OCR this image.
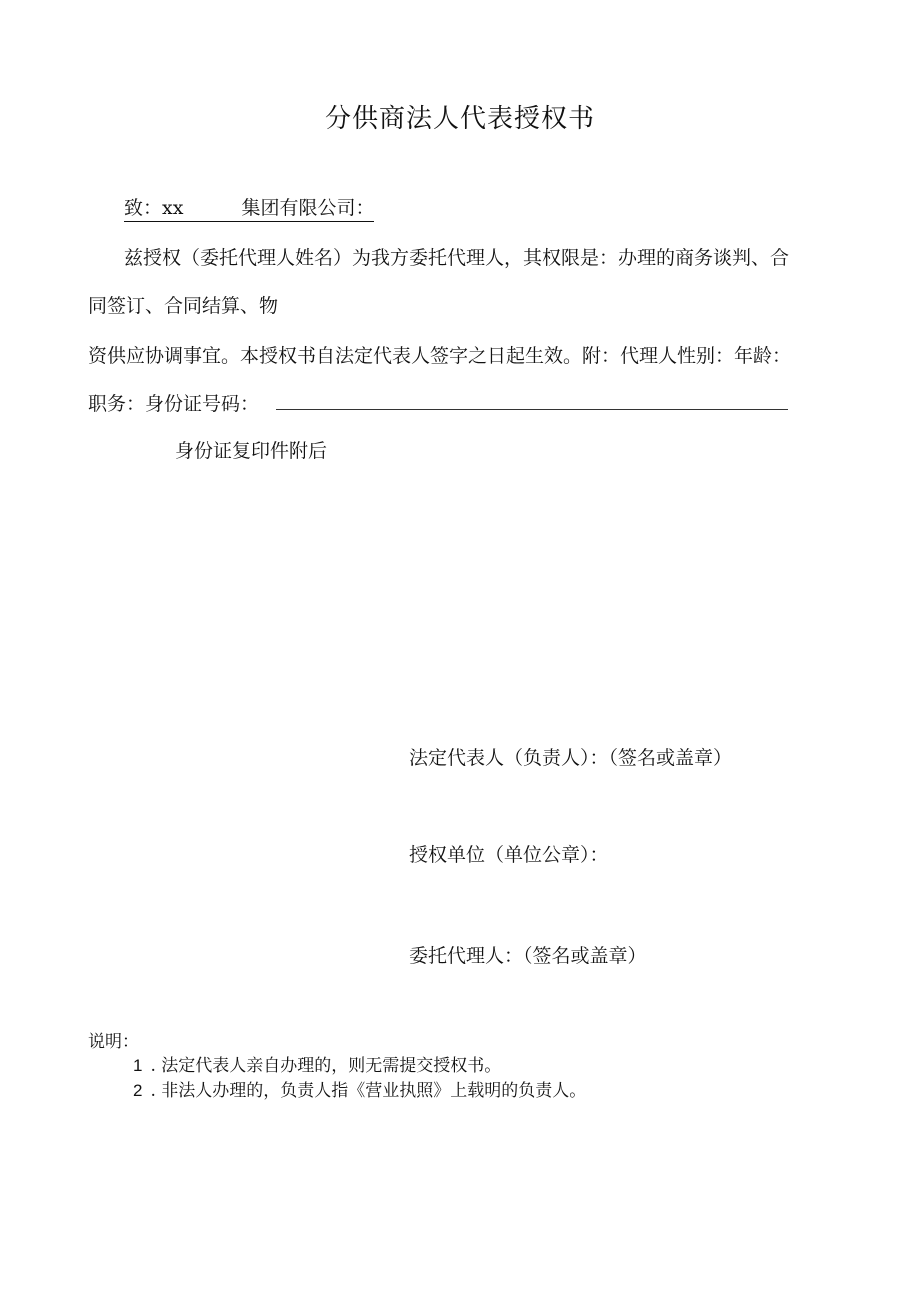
分供商法人代表授权书
致：xx	集团有限公司：
兹授权（委托代理人姓名）为我方委托代理人，其权限是：办理的商务谈判、合
同签订、合同结算、物
资供应协调事宜。本授权书自法定代表人签字之日起生效。附：代理人性别：年龄：
职务：身份证号码：
身份证复印件附后
法定代表人（负责人）：（签名或盖章）
授权单位（单位公章）：
委托代理人：（签名或盖章）
说明：
1 . 法定代表人亲自办理的，则无需提交授权书。
2 . 非法人办理的，负责人指《营业执照》上载明的负责人。
